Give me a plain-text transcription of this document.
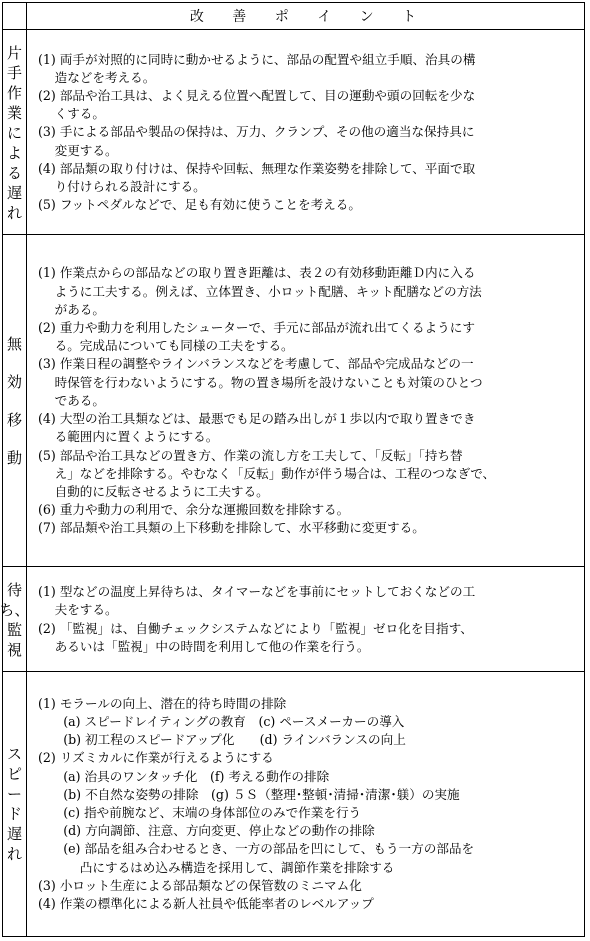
改 善 ポ イ ン ト
片
手
作
業
に
よ
る
遅
れ
(1) 両手が対照的に同時に動かせるように、部品の配置や組立手順、治具の構
　 造などを考える。
(2) 部品や治工具は、よく見える位置へ配置して、目の運動や頭の回転を少な
　 くする。
(3) 手による部品や製品の保持は、万力、クランプ、その他の適当な保持具に
　 変更する。
(4) 部品類の取り付けは、保持や回転、無理な作業姿勢を排除して、平面で取
　 り付けられる設計にする。
(5) フットペダルなどで、足も有効に使うことを考える。
無
効
移
動
(1) 作業点からの部品などの取り置き距離は、表２の有効移動距離Ｄ内に入る
　 ように工夫する。例えば、立体置き、小ロット配膳、キット配膳などの方法
　 がある。
(2) 重力や動力を利用したシューターで、手元に部品が流れ出てくるようにす
　 る。完成品についても同様の工夫をする。
(3) 作業日程の調整やラインバランスなどを考慮して、部品や完成品などの一
　 時保管を行わないようにする。物の置き場所を設けないことも対策のひとつ
　 である。
(4) 大型の治工具類などは、最悪でも足の踏み出しが１歩以内で取り置きでき
　 る範囲内に置くようにする。
(5) 部品や治工具などの置き方、作業の流し方を工夫して、「反転」「持ち替
　 え」などを排除する。やむなく「反転」動作が伴う場合は、工程のつなぎで、
　 自動的に反転させるように工夫する。
(6) 重力や動力の利用で、余分な運搬回数を排除する。
(7) 部品類や治工具類の上下移動を排除して、水平移動に変更する。
待
ち、
監
視
(1) 型などの温度上昇待ちは、タイマーなどを事前にセットしておくなどの工
　 夫をする。
(2) 「監視」は、自働チェックシステムなどにより「監視」ゼロ化を目指す、
　 あるいは「監視」中の時間を利用して他の作業を行う。
ス
ピ
ー
ド
遅
れ
(1) モラールの向上、潜在的待ち時間の排除
　　(a) スピードレイティングの教育　(c) ペースメーカーの導入
　　(b) 初工程のスピードアップ化　　(d) ラインバランスの向上
(2) リズミカルに作業が行えるようにする
　　(a) 治具のワンタッチ化　(f) 考える動作の排除
　　(b) 不自然な姿勢の排除　(g) ５Ｓ（整理･整頓･清掃･清潔･躾）の実施
　　(c) 指や前腕など、末端の身体部位のみで作業を行う
　　(d) 方向調節、注意、方向変更、停止などの動作の排除
　　(e) 部品を組み合わせるとき、一方の部品を凹にして、もう一方の部品を
　　　 凸にするはめ込み構造を採用して、調節作業を排除する
(3) 小ロット生産による部品類などの保管数のミニマム化
(4) 作業の標準化による新人社員や低能率者のレベルアップ
